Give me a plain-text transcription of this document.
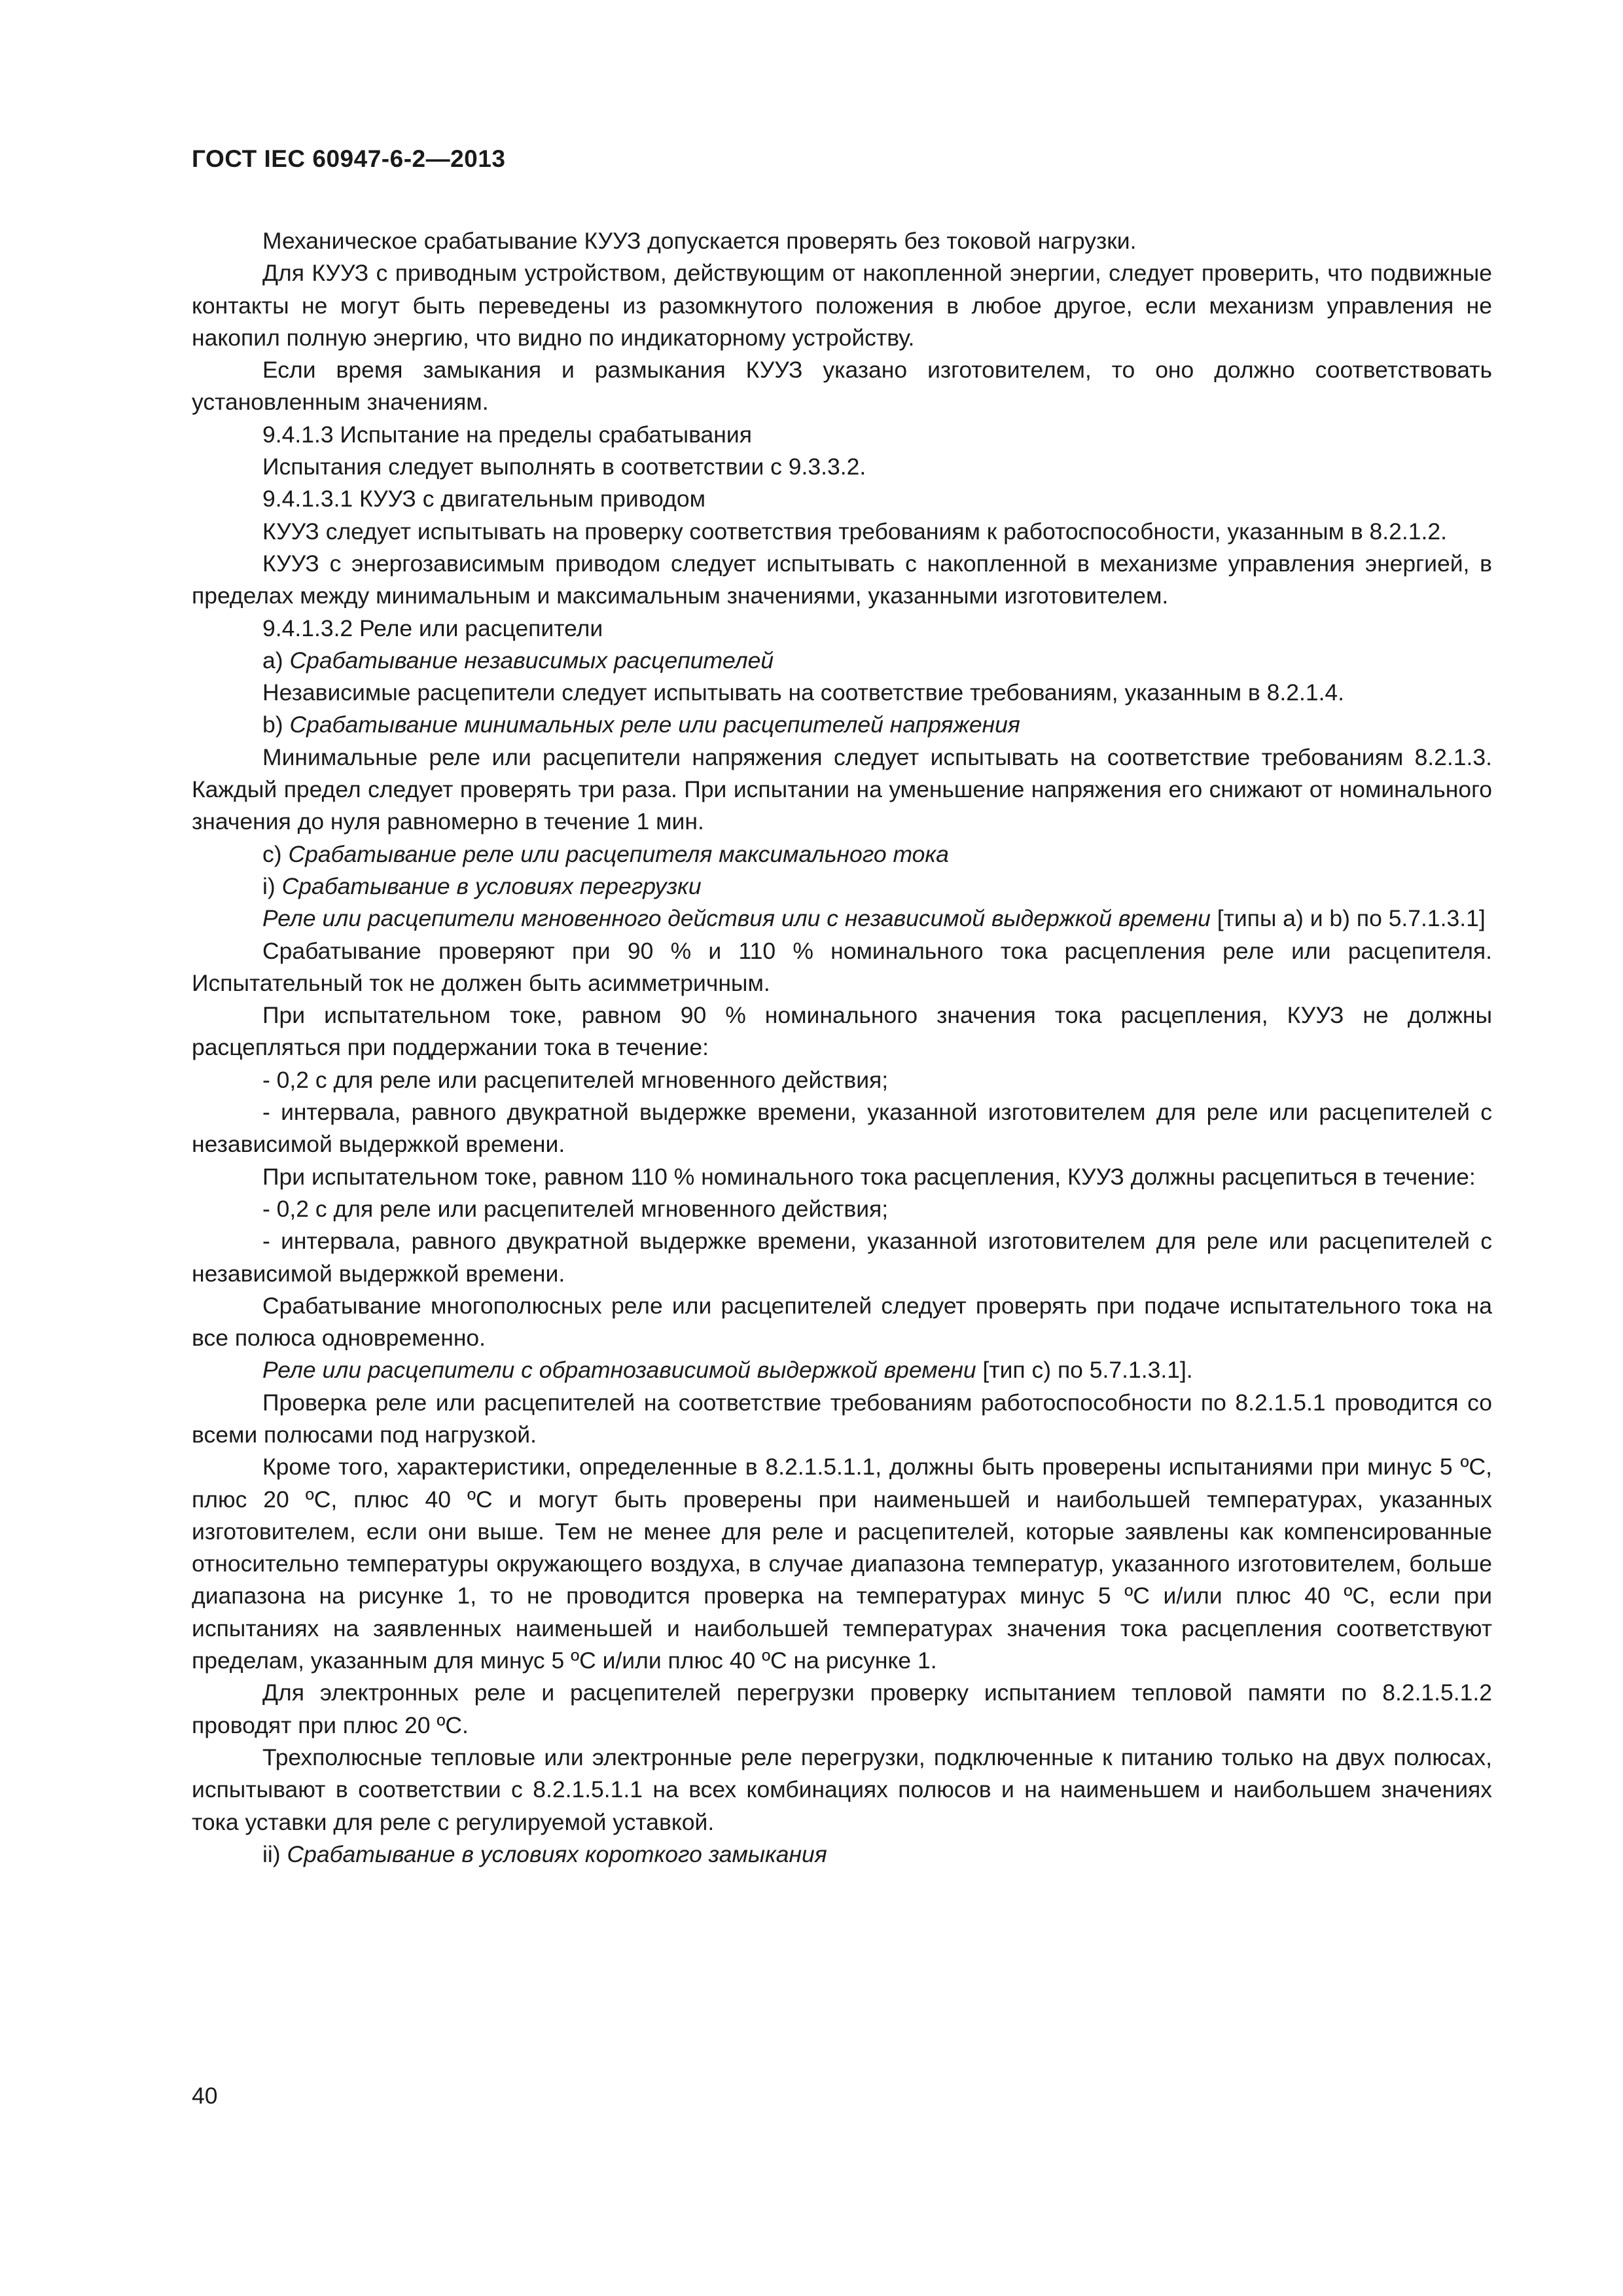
ГОСТ IEC 60947-6-2—2013

Механическое срабатывание КУУЗ допускается проверять без токовой нагрузки.

Для КУУЗ с приводным устройством, действующим от накопленной энергии, следует проверить, что подвижные контакты не могут быть переведены из разомкнутого положения в любое другое, если механизм управления не накопил полную энергию, что видно по индикаторному устройству.

Если время замыкания и размыкания КУУЗ указано изготовителем, то оно должно соответствовать установленным значениям.

9.4.1.3 Испытание на пределы срабатывания

Испытания следует выполнять в соответствии с 9.3.3.2.

9.4.1.3.1 КУУЗ с двигательным приводом

КУУЗ следует испытывать на проверку соответствия требованиям к работоспособности, указанным в 8.2.1.2.

КУУЗ с энергозависимым приводом следует испытывать с накопленной в механизме управления энергией, в пределах между минимальным и максимальным значениями, указанными изготовителем.

9.4.1.3.2 Реле или расцепители

a) Срабатывание независимых расцепителей

Независимые расцепители следует испытывать на соответствие требованиям, указанным в 8.2.1.4.

b) Срабатывание минимальных реле или расцепителей напряжения

Минимальные реле или расцепители напряжения следует испытывать на соответствие требованиям 8.2.1.3. Каждый предел следует проверять три раза. При испытании на уменьшение напряжения его снижают от номинального значения до нуля равномерно в течение 1 мин.

c) Срабатывание реле или расцепителя максимального тока

i) Срабатывание в условиях перегрузки

Реле или расцепители мгновенного действия или с независимой выдержкой времени [типы a) и b) по 5.7.1.3.1]

Срабатывание проверяют при 90 % и 110 % номинального тока расцепления реле или расцепителя. Испытательный ток не должен быть асимметричным.

При испытательном токе, равном 90 % номинального значения тока расцепления, КУУЗ не должны расцепляться при поддержании тока в течение:

- 0,2 с для реле или расцепителей мгновенного действия;

- интервала, равного двукратной выдержке времени, указанной изготовителем для реле или расцепителей с независимой выдержкой времени.

При испытательном токе, равном 110 % номинального тока расцепления, КУУЗ должны расцепиться в течение:

- 0,2 с для реле или расцепителей мгновенного действия;

- интервала, равного двукратной выдержке времени, указанной изготовителем для реле или расцепителей с независимой выдержкой времени.

Срабатывание многополюсных реле или расцепителей следует проверять при подаче испытательного тока на все полюса одновременно.

Реле или расцепители с обратнозависимой выдержкой времени [тип c) по 5.7.1.3.1].

Проверка реле или расцепителей на соответствие требованиям работоспособности по 8.2.1.5.1 проводится со всеми полюсами под нагрузкой.

Кроме того, характеристики, определенные в 8.2.1.5.1.1, должны быть проверены испытаниями при минус 5 ºC, плюс 20 ºC, плюс 40 ºC и могут быть проверены при наименьшей и наибольшей температурах, указанных изготовителем, если они выше. Тем не менее для реле и расцепителей, которые заявлены как компенсированные относительно температуры окружающего воздуха, в случае диапазона температур, указанного изготовителем, больше диапазона на рисунке 1, то не проводится проверка на температурах минус 5 ºC и/или плюс 40 ºC, если при испытаниях на заявленных наименьшей и наибольшей температурах значения тока расцепления соответствуют пределам, указанным для минус 5 ºC и/или плюс 40 ºC на рисунке 1.

Для электронных реле и расцепителей перегрузки проверку испытанием тепловой памяти по 8.2.1.5.1.2 проводят при плюс 20 ºC.

Трехполюсные тепловые или электронные реле перегрузки, подключенные к питанию только на двух полюсах, испытывают в соответствии с 8.2.1.5.1.1 на всех комбинациях полюсов и на наименьшем и наибольшем значениях тока уставки для реле с регулируемой уставкой.

ii) Срабатывание в условиях короткого замыкания

40
